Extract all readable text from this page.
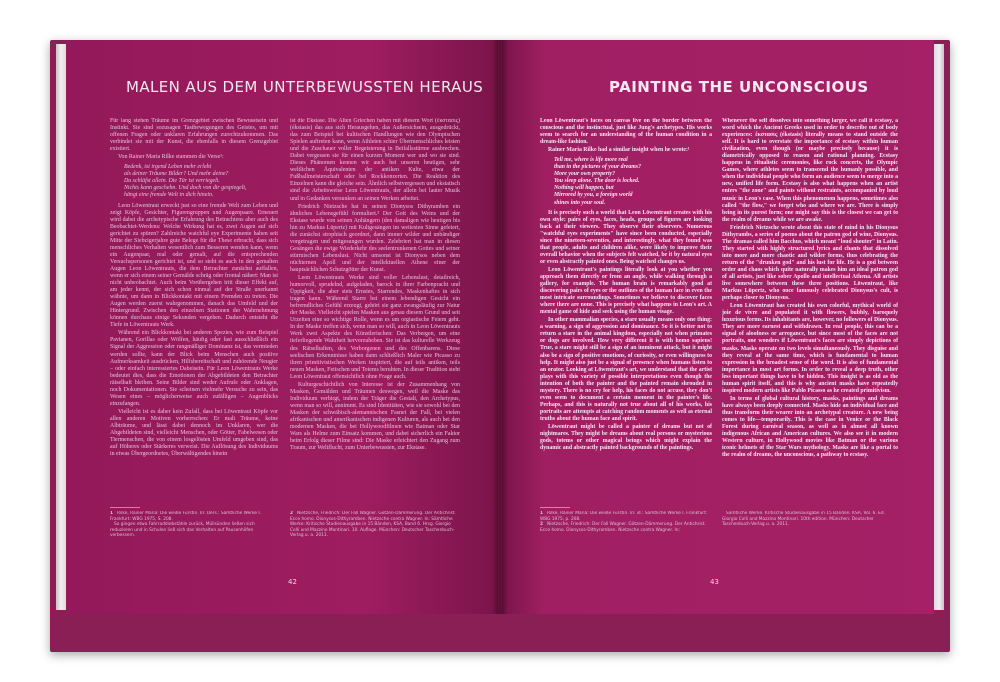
MALEN AUS DEM UNTERBEWUSSTEN HERAUS

Für lang stehen Träume im Grenzgebiet zwischen Bewusstsein und Instinkt. Sie sind sozusagen Tastbewegungen des Geistes, um mit offenen Fragen oder unklaren Erfahrungen zurechtzukommen. Das verbindet sie mit der Kunst, die ebenfalls in diesem Grenzgebiet existiert.

Von Rainer Maria Rilke stammen die Verse¹:

Bedenk, ist irgend Leben mehr erlebt
als deiner Träume Bilder? Und mehr deine?
Du schläfst allein. Die Tür ist verriegelt.
Nichts kann geschehn. Und doch von dir gespiegelt,
hängt eine fremde Welt in dich hinein.

Leon Löwentraut erweckt just so eine fremde Welt zum Leben und zeigt Köpfe, Gesichter, Figurengruppen und Augenpaare. Erneuert wird dabei die archetypische Erfahrung des Betrachtens aber auch des Beobachtet-Werdens: Welche Wirkung hat es, zwei Augen auf sich gerichtet zu spüren? Zahlreiche watchful eye Experimente haben seit Mitte der Siebzigerjahre gute Belege für die These erbracht, dass sich menschliches Verhalten wesentlich zum Besseren wenden kann, wenn ein Augenpaar, real oder gemalt, auf die entsprechenden Versuchspersonen gerichtet ist, und so steht es auch in den gemalten Augen Leon Löwentrauts, die dem Betrachter zunächst auffallen, wenn er sich einem seiner Gemälde schräg oder frontal nähert: Man ist nicht unbeobachtet. Auch beim Vorübergehen tritt dieser Effekt auf, am jeder kennt, der sich schon einmal auf der Straße unerkannt wähnte, um dann in Blickkontakt mit einem Fremden zu treten. Die Augen werden zuerst wahrgenommen, danach das Umfeld und der Hintergrund. Zwischen den einzelnen Stationen der Wahrnehmung können durchaus einige Sekunden vergehen. Dadurch entsteht die Tiefe in Löwentrauts Werk.

Während ein Blickkontakt bei anderen Spezies, wie zum Beispiel Pavianen, Gorillas oder Wölfen, häufig oder fast ausschließlich ein Signal der Aggression oder rangmäßiger Dominanz ist, das vermieden werden sollte, kann der Blick beim Menschen auch positive Aufmerksamkeit ausdrücken, Hilfsbereitschaft und zuhörende Neugier – oder einfach interessiertes Dabeisein. Für Leon Löwentrauts Werke bedeutet dies, dass die Emotionen der Abgebildeten den Betrachter rätselhaft bleiben. Seine Bilder sind weder Aufrufe oder Anklagen, noch Dokumentationen. Sie scheinen vielmehr Versuche zu sein, das Wesen eines – möglicherweise auch zufälligen – Augenblicks einzufangen.

Vielleicht ist es daher kein Zufall, dass bei Löwentraut Köpfe vor allen anderen Motiven vorherrschen: Er malt Träume, keine Albträume, und lässt dabei dennoch im Unklaren, wer die Abgebildeten sind, vielleicht Menschen, oder Götter, Fabelwesen oder Tiermenschen, die von einem losgelösten Umfeld umgeben sind, das auf Höheres oder Stärkeres verweist. Die Auflösung des Individuums in etwas Übergeordnetes, Überwältigendes hinein

ist die Ekstase. Die Alten Griechen haben mit diesem Wort (ἔκστασις) (ékstasis) das aus sich Herausgehen, das Außersichsein, ausgedrückt, das zum Beispiel bei kultischen Handlungen wie den Olympischen Spielen auftreten kann, wenn Athleten schier Übermenschliches leisten und die Zuschauer voller Begeisterung in Beifallsstürme ausbrechen. Dabei vergessen sie für einen kurzen Moment wer und wo sie sind. Dieses Phänomen kennen wir auch bei unseren heutigen, sehr weltlichen Äquivalenten der antiken Kulte, etwa der Fußballmeisterschaft oder bei Rockkonzerten. Die Reaktion des Einzelnen kann die gleiche sein. Ähnlich selbstvergessen und ekstatisch sind die Arbeitsweise Leon Löwentrauts, der allein bei lauter Musik und in Gedanken versunken an seinen Werken arbeitet.

Friedrich Nietzsche hat in seinen Dionysos Dithyramben ein ähnliches Lebensgefühl formuliert.² Der Gott des Weins und der Ekstase wurde von seinen Anhängern (den damaligen wie heutigen bis hin zu Markus Lüpertz) mit Kultgesängen im weitesten Sinne gefeiert, die zunächst strophisch geordnet, dann immer wilder und unbändiger vorgetragen und mitgesungen wurden. Zelebriert hat man in diesen Gesängen die ewige Wiederkehr des seelentrunkenen Gottes und seiner stürmischen Lebenslust. Nicht umsonst ist Dionysos neben dem nüchternen Apoll und der intellektuellen Athene einer der hauptsächlichen Schutzgötter der Kunst.

Leon Löwentrauts Werke sind voller Lebenslust, detailreich, humorvoll, sprudelnd, aufgeladen, barock in ihrer Farbenpracht und Üppigkeit, die aber stets Ernstes, Starrendes, Maskenhaftes in sich tragen kann. Während Starre bei einem lebendigen Gesicht ein befremdliches Gefühl erzeugt, gehört sie ganz zwangsläufig zur Natur der Maske. Vielleicht spielen Masken aus genau diesem Grund und seit Urzeiten eine so wichtige Rolle, wenn es um orgiastische Feiern geht. In der Maske treffen sich, wenn man so will, auch in Leon Löwentrauts Werk zwei Aspekte des Künstlerischen: Das Verbergen, um eine tieferliegende Wahrheit hervorzuheben. Sie ist das kulturelle Werkzeug des Rätselhaften, des Verborgenen und des Offenbarens. Diese seelischen Erkenntnisse haben dann schließlich Maler wie Picasso zu ihren primitivistischen Werken inspiriert, die auf teils antiken, teils neuen Masken, Fetischen und Totems beruhten. In dieser Tradition steht Leon Löwentraut offensichtlich ohne Frage auch.

Kulturgeschichtlich von Interesse ist der Zusammenhang von Masken, Gemälden und Träumen deswegen, weil die Maske das Individuum verbirgt, indem der Träger die Gestalt, den Archetypus, wenn man so will, annimmt. Es sind Identitäten, wie sie sowohl bei den Masken der schwäbisch-alemannischen Fasnet der Fall, bei vielen afrikanischen und amerikanischen indigenen Kulturen, als auch bei den modernen Masken, die bei Hollywoodfilmen wie Batman oder Star Wars als Helme zum Einsatz kommen, und dabei sicherlich ein Faktor beim Erfolg dieser Filme sind: Die Maske erleichtert den Zugang zum Traum, zur Weltflucht, zum Unterbewussten, zur Ekstase.

1 Rilke, Rainer Maria: Die weiße Fürstin. In: Ders.: Sämtliche Werke I. Frankfurt: WBG 1975, S. 208.
So gingen etwa Fahrraddiebstähle zurück, Müllsünden ließen sich reduzieren und in Schulen ließ sich das Verhalten auf Pausenhöfen verbessern.
2 Nietzsche, Friedrich: Der Fall Wagner. Götzen-Dämmerung. Der Antichrist. Ecce homo. Dionysos-Dithyramben. Nietzsche contra Wagner. In: Sämtliche Werke: Kritische Studienausgabe in 15 Bänden, KSA, Band 6. Hrsg. Giorgio Colli und Mazzino Montinari. 10. Auflage. München: Deutscher Taschenbuch-Verlag u. a. 2011.
42
PAINTING THE UNCONSCIOUS

Leon Löwentraut's faces on canvas live on the border between the conscious and the instinctual, just like Jung's archetypes. His works seem to search for an understanding of the human condition in a dream-like fashion.

Rainer Maria Rilke had a similar insight when he wrote:¹

Tell me, where is life more real
than in the pictures of your dreams?
More your own property?
You sleep alone. The door is locked.
Nothing will happen, but
Mirrored by you, a foreign world
shines into your soul.

It is precisely such a world that Leon Löwentraut creates with his own style: pairs of eyes, faces, heads, groups of figures are looking back at their viewers. They observe their observers. Numerous "watchful eyes experiments" have since been conducted, especially since the nineteen-seventies, and interestingly, what they found was that people, adults and children alike, were likely to improve their overall behavior when the subjects felt watched, be it by natural eyes or even abstractly painted ones. Being watched changes us.

Leon Löwentraut's paintings literally look at you whether you approach them directly or from an angle, while walking through a gallery, for example. The human brain is remarkably good at discovering pairs of eyes or the outlines of the human face in even the most intricate surroundings. Sometimes we believe to discover faces where there are none. This is precisely what happens in Leon's art. A mental game of hide and seek using the human visage.

In other mammalian species, a stare usually means only one thing: a warning, a sign of aggression and dominance. So it is better not to return a stare in the animal kingdom, especially not when primates or dogs are involved. How very different it is with homo sapiens! True, a stare might still be a sign of an imminent attack, but it might also be a sign of positive emotions, of curiosity, or even willingness to help. It might also just be a signal of presence when humans listen to an orator. Looking at Löwentraut's art, we understand that the artist plays with this variety of possible interpretations even though the intention of both the painter and the painted remain shrouded in mystery. There is no cry for help, his faces do not accuse, they don't even seem to document a certain moment in the painter's life. Perhaps, and this is naturally not true about all of his works, his portraits are attempts at catching random moments as well as eternal truths about the human face and spirit.

Löwentraut might be called a painter of dreams but not of nightmares. They might be dreams about real persons or mysterious gods, totems or other magical beings which might explain the dynamic and abstractly painted backgrounds of the paintings.

Whenever the self dissolves into something larger, we call it ecstasy, a word which the Ancient Greeks used in order to describe out of body experiences: ἔκστασις (ékstasis) literally means to stand outside the self. It is hard to overstate the importance of ecstasy within human civilization, even though (or maybe precisely because) it is diametrically opposed to reason and rational planning. Ecstasy happens in ritualistic ceremonies, like rock concerts, the Olympic Games, where athletes seem to transcend the humanly possible, and when the individual people who form an audience seem to merge into a new, unified life form. Ecstasy is also what happens when an artist enters "the zone" and paints without restraints, accompanied by loud music in Leon's case. When this phenomenon happens, sometimes also called "the flow," we forget who and where we are. There is simply being in its purest form; one might say this is the closest we can get to the realm of dreams while we are awake.

Friedrich Nietzsche wrote about this state of mind in his Dionysus Dithyrambs, a series of poems about the patron god of wine, Dionysus. The dramas called him Bacchus, which meant "loud shouter" in Latin. They started with highly structured lyrics and chants that dissolved into more and more chaotic and wilder forms, thus celebrating the return of the "drunken god" and his lust for life. He is a god between order and chaos which quite naturally makes him an ideal patron god of all artists, just like sober Apollo and intellectual Athena. All artists live somewhere between these three positions. Löwentraut, like Markus Lüpertz, who once famously celebrated Dionysus's cult, is perhaps closer to Dionysus.

Leon Löwentraut has created his own colorful, mythical world of joie de vivre and populated it with flowers, bubbly, baroquely luxurious forms. Its inhabitants are, however, no followers of Dionysus. They are more earnest and withdrawn. In real people, this can be a signal of aloofness or arrogance, but since most of the faces are not portraits, one wonders if Löwentraut's faces are simply depictions of masks. Masks operate on two levels simultaneously. They disguise and they reveal at the same time, which is fundamental to human expression in the broadest sense of the word. It is also of fundamental importance in most art forms. In order to reveal a deep truth, other less important things have to be hidden. This insight is as old as the human spirit itself, and this is why ancient masks have repeatedly inspired modern artists like Pablo Picasso as he created primitivism.

In terms of global cultural history, masks, paintings and dreams have always been deeply connected. Masks hide an individual face and thus transform their wearer into an archetypal creature. A new being comes to life—temporarily. This is the case in Venice or the Black Forest during carnival season, as well as in almost all known indigenous African and American cultures. We also see it in modern Western culture, in Hollywood movies like Batman or the various iconic helmets of the Star Wars mythology. Masks are like a portal to the realm of dreams, the unconscious, a pathway to ecstasy.

1 Rilke, Rainer Maria: Die weiße Fürstin. In: id.: Sämtliche Werke I. Frankfurt: WBG 1975, p. 208.
2 Nietzsche, Friedrich: Der Fall Wagner. Götzen-Dämmerung. Der Antichrist. Ecce homo. Dionysos-Dithyramben. Nietzsche contra Wagner. In:
Sämtliche Werke. Kritische Studienausgabe in 15 Bänden. KSA, Vol. 6. Ed. Giorgio Colli and Mazzino Montinari. 10th edition. München: Deutscher Taschenbuch-Verlag u. a. 2011.
43
